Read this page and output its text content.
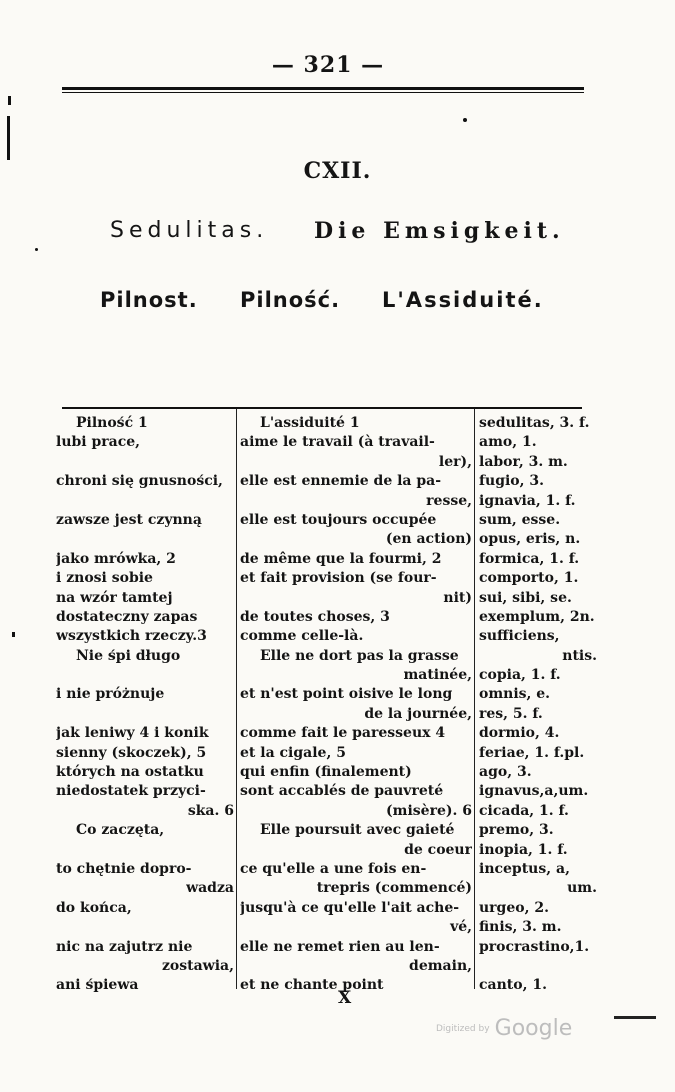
— 321 —
CXII.
Sedulitas. Die Emsigkeit.
Pilnost. Pilność. L'Assiduité.
Pilność 1
lubi prace,
chroni się gnusności,
zawsze jest czynną
jako mrówka, 2
i znosi sobie
na wzór tamtej
dostateczny zapas
wszystkich rzeczy.3
Nie śpi długo
i nie próżnuje
jak leniwy 4 i konik
sienny (skoczek), 5
których na ostatku
niedostatek przyci-
ska. 6
Co zaczęta,
to chętnie dopro-
wadza
do końca,
nic na zajutrz nie
zostawia,
ani śpiewa
L'assiduité 1
aime le travail (à travail-
ler),
elle est ennemie de la pa-
resse,
elle est toujours occupée
(en action)
de même que la fourmi, 2
et fait provision (se four-
nit)
de toutes choses, 3
comme celle-là.
Elle ne dort pas la grasse
matinée,
et n'est point oisive le long
de la journée,
comme fait le paresseux 4
et la cigale, 5
qui enfin (finalement)
sont accablés de pauvreté
(misère). 6
Elle poursuit avec gaieté
de coeur
ce qu'elle a une fois en-
trepris (commencé)
jusqu'à ce qu'elle l'ait ache-
vé,
elle ne remet rien au len-
demain,
et ne chante point
sedulitas, 3. f.
amo, 1.
labor, 3. m.
fugio, 3.
ignavia, 1. f.
sum, esse.
opus, eris, n.
formica, 1. f.
comporto, 1.
sui, sibi, se.
exemplum, 2n.
sufficiens,
ntis.
copia, 1. f.
omnis, e.
res, 5. f.
dormio, 4.
feriae, 1. f.pl.
ago, 3.
ignavus,a,um.
cicada, 1. f.
premo, 3.
inopia, 1. f.
inceptus, a,
um.
urgeo, 2.
finis, 3. m.
procrastino,1.
canto, 1.
X
$^{Digitized by}$ Google
